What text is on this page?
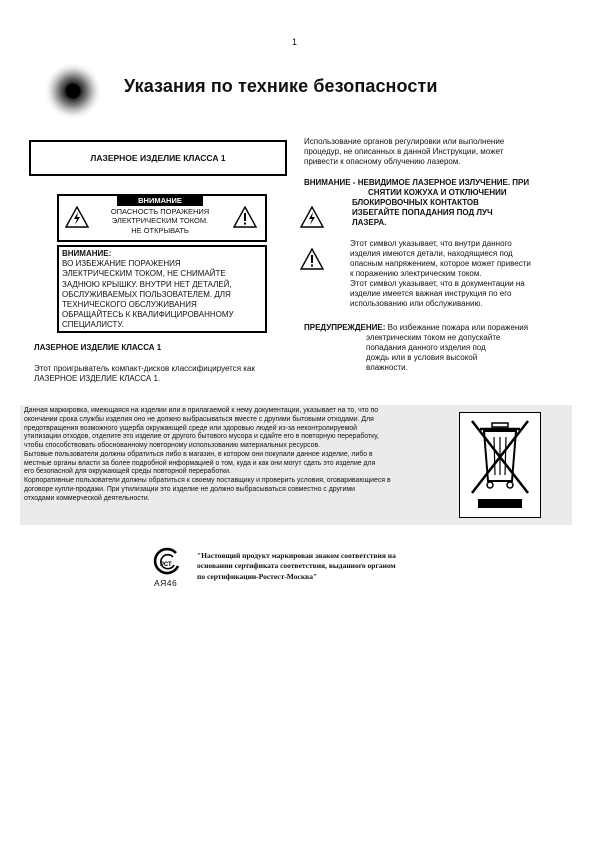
1
Указания по технике безопасности
ЛАЗЕРНОЕ ИЗДЕЛИЕ КЛАССА 1
ВНИМАНИЕ
ОПАСНОСТЬ ПОРАЖЕНИЯ
ЭЛЕКТРИЧЕСКИМ ТОКОМ.
НЕ ОТКРЫВАТЬ
ВНИМАНИЕ:
ВО ИЗБЕЖАНИЕ ПОРАЖЕНИЯ
ЭЛЕКТРИЧЕСКИМ ТОКОМ, НЕ СНИМАЙТЕ
ЗАДНЮЮ КРЫШКУ. ВНУТРИ НЕТ ДЕТАЛЕЙ,
ОБСЛУЖИВАЕМЫХ ПОЛЬЗОВАТЕЛЕМ. ДЛЯ
ТЕХНИЧЕСКОГО ОБСЛУЖИВАНИЯ
ОБРАЩАЙТЕСЬ К КВАЛИФИЦИРОВАННОМУ
СПЕЦИАЛИСТУ.
ЛАЗЕРНОЕ ИЗДЕЛИЕ КЛАССА 1
Этот проигрыватель компакт-дисков классифицируется как
ЛАЗЕРНОЕ ИЗДЕЛИЕ КЛАССА 1.
Использование органов регулировки или выполнение
процедур, не описанных в данной Инструкции, может
привести к опасному облучению лазером.
ВНИМАНИЕ - НЕВИДИМОЕ ЛАЗЕРНОЕ ИЗЛУЧЕНИЕ. ПРИ
СНЯТИИ КОЖУХА И ОТКЛЮЧЕНИИ
БЛОКИРОВОЧНЫХ КОНТАКТОВ
ИЗБЕГАЙТЕ ПОПАДАНИЯ ПОД ЛУЧ
ЛАЗЕРА.
Этот символ указывает, что внутри данного
изделия имеются детали, находящиеся под
опасным напряжением, которое может привести
к поражению электрическим током.
Этот символ указывает, что в документации на
изделие имеется важная инструкция по его
использованию или обслуживанию.
ПРЕДУПРЕЖДЕНИЕ: Во избежание пожара или поражения
электрическим током не допускайте
попадания данного изделия под
дождь или в условия высокой
влажности.
Данная маркировка, имеющаяся на изделии или в прилагаемой к нему документации, указывает на то, что по
окончании срока службы изделия оно не должно выбрасываться вместе с другими бытовыми отходами. Для
предотвращения возможного ущерба окружающей среде или здоровью людей из-за неконтролируемой
утилизации отходов, отделите это изделие от другого бытового мусора и сдайте его в повторную переработку,
чтобы способствовать обоснованному повторному использованию материальных ресурсов.
Бытовые пользователи должны обратиться либо в магазин, в котором они покупали данное изделие, либо в
местные органы власти за более подробной информацией о том, куда и как они могут сдать это изделие для
его безопасной для окружающей среды повторной переработки.
Корпоративные пользователи должны обратиться к своему поставщику и проверить условия, оговаривающиеся в
договоре купли-продажи. При утилизации это изделие не должно выбрасываться совместно с другими
отходами коммерческой деятельности.
РСТ
АЯ46
"Настоящий продукт маркирован знаком соответствия на
основании сертификата соответствия, выданного органом
по сертификации-Ростест-Москва"
